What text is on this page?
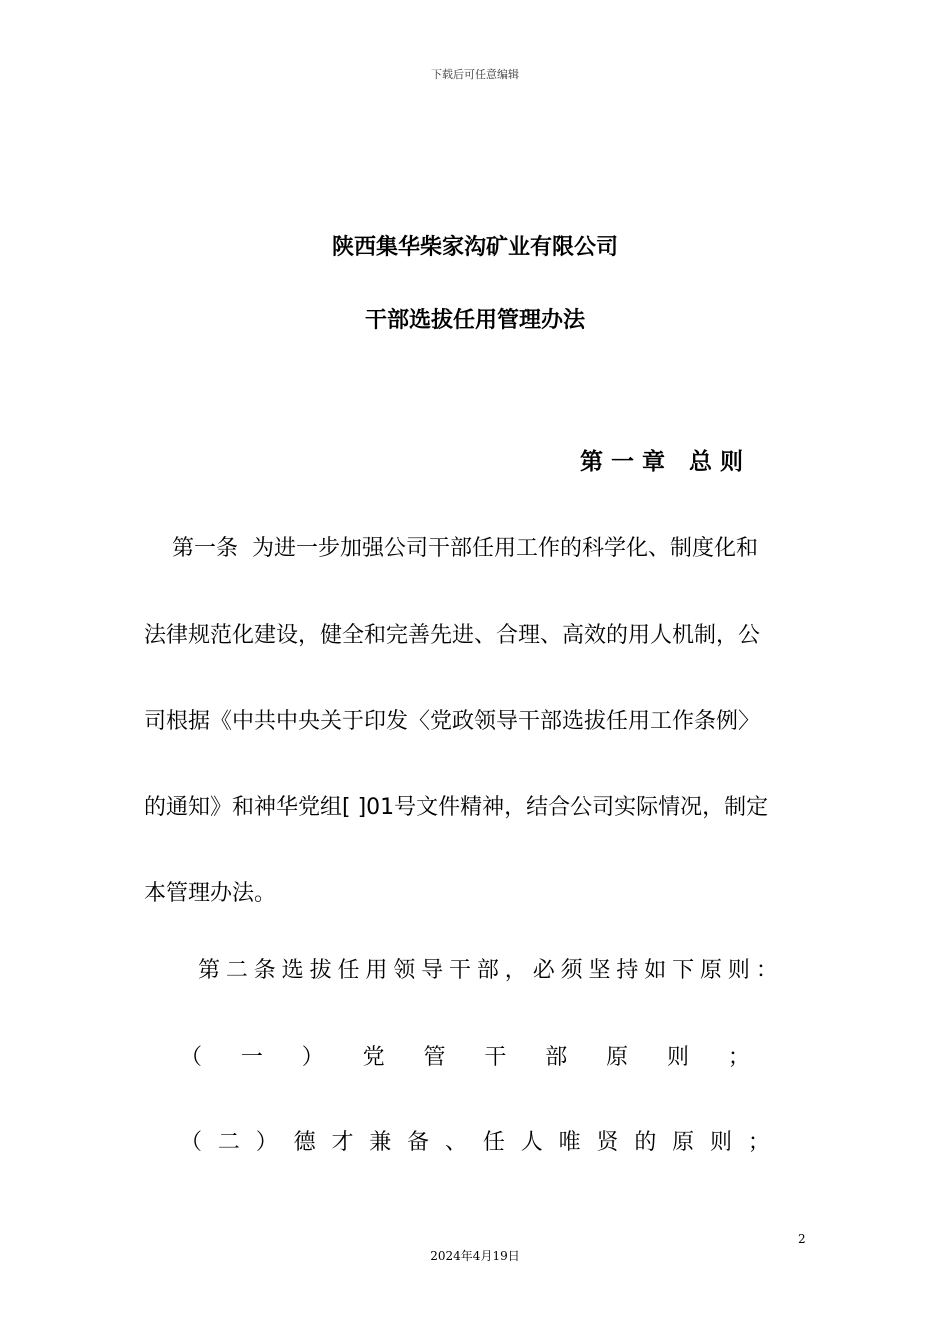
下载后可任意编辑
陕西集华柴家沟矿业有限公司
干部选拔任用管理办法
第 一 章   总 则
第一条  为进一步加强公司干部任用工作的科学化、制度化和
法律规范化建设，健全和完善先进、合理、高效的用人机制，公
司根据《中共中央关于印发〈党政领导干部选拔任用工作条例〉
的通知》和神华党组[ ]01号文件精神，结合公司实际情况，制定
本管理办法。
第 二 条 选 拔 任 用 领 导 干 部 ， 必 须 坚 持 如 下 原 则 ：
（ 一 ） 党 管 干 部 原 则 ；
（ 二 ） 德 才 兼 备 、 任 人 唯 贤 的 原 则 ；
2
2024年4月19日
